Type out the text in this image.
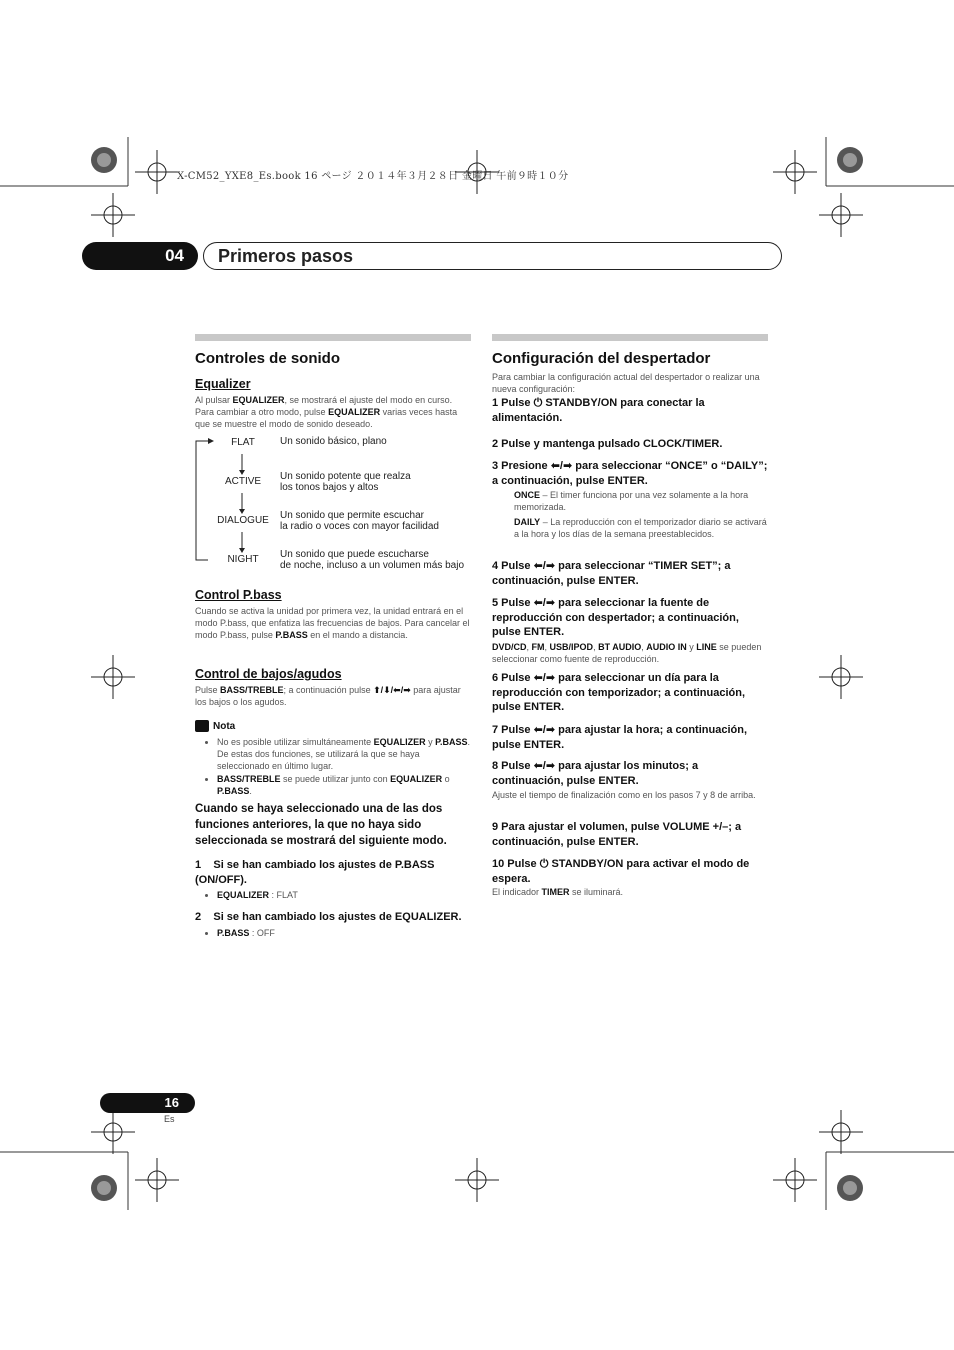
X-CM52_YXE8_Es.book 16 ページ ２０１４年３月２８日 金曜日 午前９時１０分
04	Primeros pasos
Controles de sonido
Equalizer

Al pulsar EQUALIZER, se mostrará el ajuste del modo en curso. Para cambiar a otro modo, pulse EQUALIZER varias veces hasta que se muestre el modo de sonido deseado.

FLAT	Un sonido básico, plano
ACTIVE	Un sonido potente que realza
los tonos bajos y altos
DIALOGUE	Un sonido que permite escuchar
la radio o voces con mayor facilidad
NIGHT	Un sonido que puede escucharse
de noche, incluso a un volumen más bajo
Control P.bass

Cuando se activa la unidad por primera vez, la unidad entrará en el modo P.bass, que enfatiza las frecuencias de bajos. Para cancelar el modo P.bass, pulse P.BASS en el mando a distancia.

Control de bajos/agudos

Pulse BASS/TREBLE; a continuación pulse ⬆/⬇/⬅/➡ para ajustar los bajos o los agudos.

Nota

• No es posible utilizar simultáneamente EQUALIZER y P.BASS. De estas dos funciones, se utilizará la que se haya seleccionado en último lugar.
• BASS/TREBLE se puede utilizar junto con EQUALIZER o P.BASS.

Cuando se haya seleccionado una de las dos funciones anteriores, la que no haya sido seleccionada se mostrará del siguiente modo.

1 Si se han cambiado los ajustes de P.BASS (ON/OFF).

• EQUALIZER : FLAT

2 Si se han cambiado los ajustes de EQUALIZER.

• P.BASS : OFF
Configuración del despertador

Para cambiar la configuración actual del despertador o realizar una nueva configuración:

1 Pulse ⏻ STANDBY/ON para conectar la alimentación.

2 Pulse y mantenga pulsado CLOCK/TIMER.

3 Presione ⬅/➡ para seleccionar “ONCE” o “DAILY”; a continuación, pulse ENTER.

ONCE – El timer funciona por una vez solamente a la hora memorizada.

DAILY – La reproducción con el temporizador diario se activará a la hora y los días de la semana preestablecidos.

4 Pulse ⬅/➡ para seleccionar “TIMER SET”; a continuación, pulse ENTER.

5 Pulse ⬅/➡ para seleccionar la fuente de reproducción con despertador; a continuación, pulse ENTER.

DVD/CD, FM, USB/IPOD, BT AUDIO, AUDIO IN y LINE se pueden seleccionar como fuente de reproducción.

6 Pulse ⬅/➡ para seleccionar un día para la reproducción con temporizador; a continuación, pulse ENTER.

7 Pulse ⬅/➡ para ajustar la hora; a continuación, pulse ENTER.

8 Pulse ⬅/➡ para ajustar los minutos; a continuación, pulse ENTER.

Ajuste el tiempo de finalización como en los pasos 7 y 8 de arriba.

9 Para ajustar el volumen, pulse VOLUME +/–; a continuación, pulse ENTER.

10 Pulse ⏻ STANDBY/ON para activar el modo de espera.

El indicador TIMER se iluminará.

16
Es
